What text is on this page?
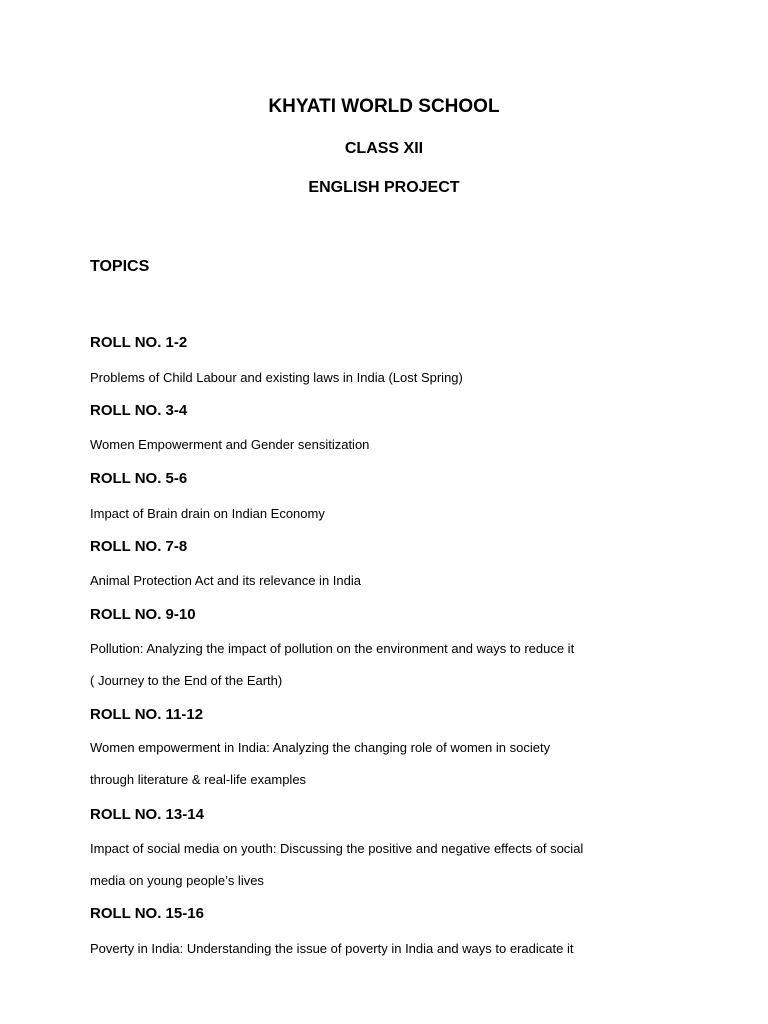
KHYATI WORLD SCHOOL
CLASS XII
ENGLISH PROJECT
TOPICS
ROLL NO. 1-2
Problems of Child Labour and existing laws in India (Lost Spring)
ROLL NO. 3-4
Women Empowerment and Gender sensitization
ROLL NO. 5-6
Impact of Brain drain on Indian Economy
ROLL NO. 7-8
Animal Protection Act and its relevance in India
ROLL NO. 9-10
Pollution: Analyzing the impact of pollution on the environment and ways to reduce it
( Journey to the End of the Earth)
ROLL NO. 11-12
Women empowerment in India: Analyzing the changing role of women in society
through literature & real-life examples
ROLL NO. 13-14
Impact of social media on youth: Discussing the positive and negative effects of social
media on young people’s lives
ROLL NO. 15-16
Poverty in India: Understanding the issue of poverty in India and ways to eradicate it
